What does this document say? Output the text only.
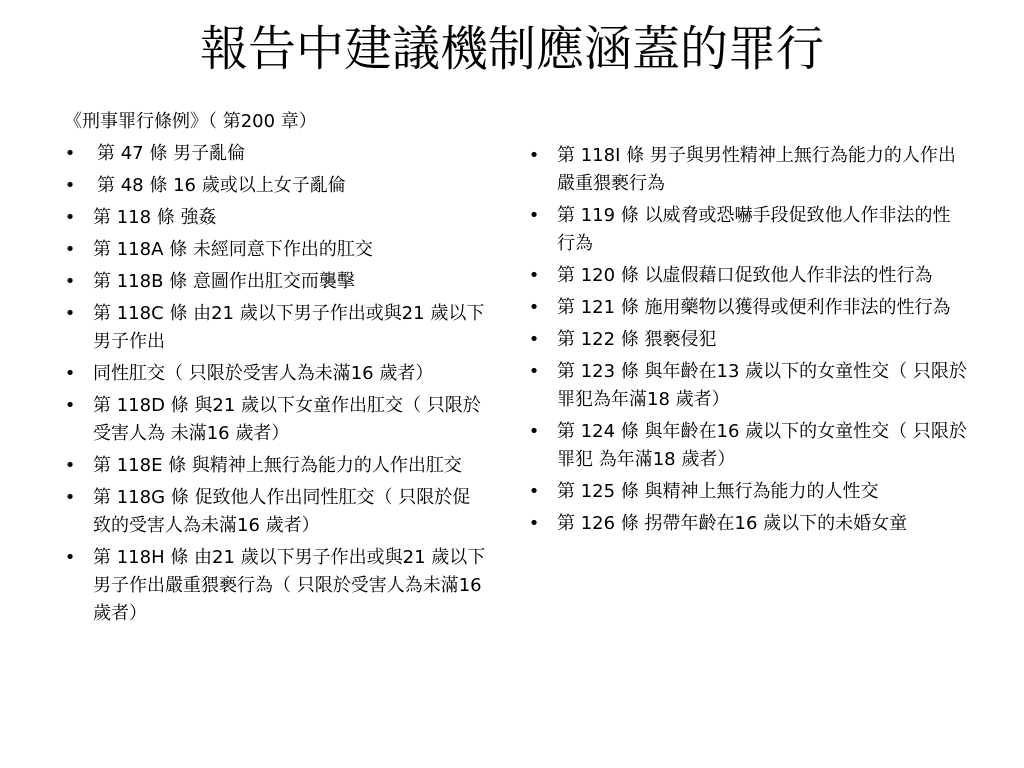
報告中建議機制應涵蓋的罪行
《刑事罪行條例》（ 第200 章）
• 第 47 條 男子亂倫
• 第 48 條 16 歲或以上女子亂倫
• 第 118 條 強姦
• 第 118A 條 未經同意下作出的肛交
• 第 118B 條 意圖作出肛交而襲擊
• 第 118C 條 由21 歲以下男子作出或與21 歲以下男子作出
• 同性肛交（ 只限於受害人為未滿16 歲者）
• 第 118D 條 與21 歲以下女童作出肛交（ 只限於受害人為 未滿16 歲者）
• 第 118E 條 與精神上無行為能力的人作出肛交
• 第 118G 條 促致他人作出同性肛交（ 只限於促致的受害人為未滿16 歲者）
• 第 118H 條 由21 歲以下男子作出或與21 歲以下男子作出嚴重猥褻行為（ 只限於受害人為未滿16 歲者）
• 第 118I 條 男子與男性精神上無行為能力的人作出嚴重猥褻行為
• 第 119 條 以威脅或恐嚇手段促致他人作非法的性行為
• 第 120 條 以虛假藉口促致他人作非法的性行為
• 第 121 條 施用藥物以獲得或便利作非法的性行為
• 第 122 條 猥褻侵犯
• 第 123 條 與年齡在13 歲以下的女童性交（ 只限於罪犯為年滿18 歲者）
• 第 124 條 與年齡在16 歲以下的女童性交（ 只限於罪犯 為年滿18 歲者）
• 第 125 條 與精神上無行為能力的人性交
• 第 126 條 拐帶年齡在16 歲以下的未婚女童
